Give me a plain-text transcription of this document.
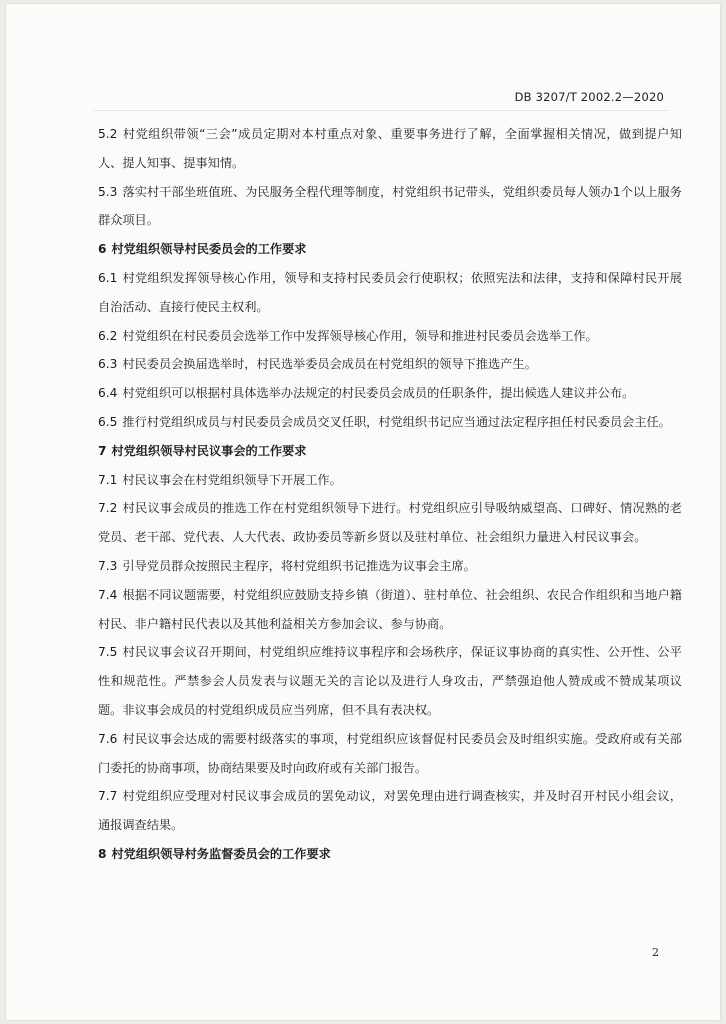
DB 3207/T 2002.2—2020

5.2 村党组织带领“三会”成员定期对本村重点对象、重要事务进行了解，全面掌握相关情况，做到提户知人、提人知事、提事知情。

5.3 落实村干部坐班值班、为民服务全程代理等制度，村党组织书记带头，党组织委员每人领办1个以上服务群众项目。

6 村党组织领导村民委员会的工作要求

6.1 村党组织发挥领导核心作用，领导和支持村民委员会行使职权；依照宪法和法律，支持和保障村民开展自治活动、直接行使民主权利。

6.2 村党组织在村民委员会选举工作中发挥领导核心作用，领导和推进村民委员会选举工作。

6.3 村民委员会换届选举时，村民选举委员会成员在村党组织的领导下推选产生。

6.4 村党组织可以根据村具体选举办法规定的村民委员会成员的任职条件，提出候选人建议并公布。

6.5 推行村党组织成员与村民委员会成员交叉任职，村党组织书记应当通过法定程序担任村民委员会主任。

7 村党组织领导村民议事会的工作要求

7.1 村民议事会在村党组织领导下开展工作。

7.2 村民议事会成员的推选工作在村党组织领导下进行。村党组织应引导吸纳威望高、口碑好、情况熟的老党员、老干部、党代表、人大代表、政协委员等新乡贤以及驻村单位、社会组织力量进入村民议事会。

7.3 引导党员群众按照民主程序，将村党组织书记推选为议事会主席。

7.4 根据不同议题需要，村党组织应鼓励支持乡镇（街道）、驻村单位、社会组织、农民合作组织和当地户籍村民、非户籍村民代表以及其他利益相关方参加会议、参与协商。

7.5 村民议事会议召开期间，村党组织应维持议事程序和会场秩序，保证议事协商的真实性、公开性、公平性和规范性。严禁参会人员发表与议题无关的言论以及进行人身攻击，严禁强迫他人赞成或不赞成某项议题。非议事会成员的村党组织成员应当列席，但不具有表决权。

7.6 村民议事会达成的需要村级落实的事项，村党组织应该督促村民委员会及时组织实施。受政府或有关部门委托的协商事项，协商结果要及时向政府或有关部门报告。

7.7 村党组织应受理对村民议事会成员的罢免动议，对罢免理由进行调查核实，并及时召开村民小组会议，通报调查结果。

8 村党组织领导村务监督委员会的工作要求

2
